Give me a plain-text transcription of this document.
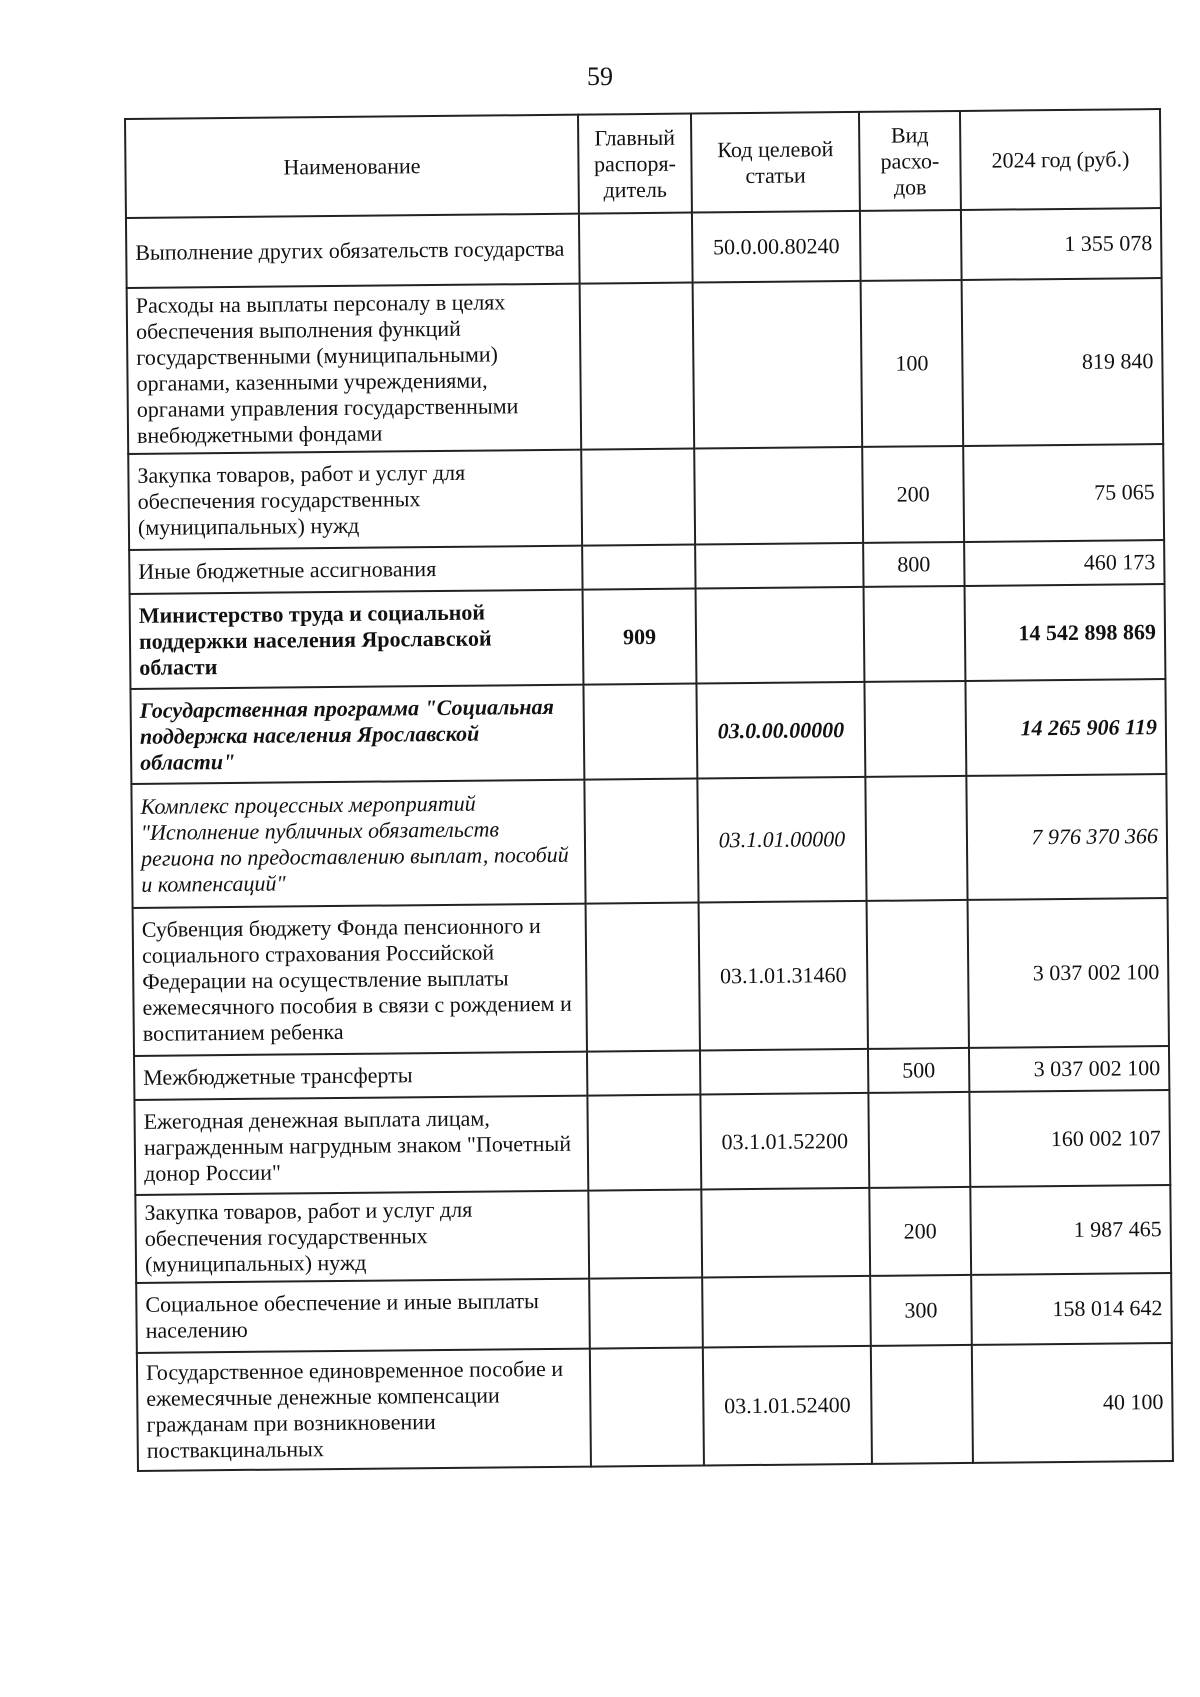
59
Наименование	Главный распоря-дитель	Код целевой статьи	Вид расхо-дов	2024 год (руб.)
Выполнение других обязательств государства		50.0.00.80240		1 355 078
Расходы на выплаты персоналу в целях обеспечения выполнения функций государственными (муниципальными) органами, казенными учреждениями, органами управления государственными внебюджетными фондами			100	819 840
Закупка товаров, работ и услуг для обеспечения государственных (муниципальных) нужд			200	75 065
Иные бюджетные ассигнования			800	460 173
Министерство труда и социальной поддержки населения Ярославской области	909			14 542 898 869
Государственная программа "Социальная поддержка населения Ярославской области"		03.0.00.00000		14 265 906 119
Комплекс процессных мероприятий "Исполнение публичных обязательств региона по предоставлению выплат, пособий и компенсаций"		03.1.01.00000		7 976 370 366
Субвенция бюджету Фонда пенсионного и социального страхования Российской Федерации на осуществление выплаты ежемесячного пособия в связи с рождением и воспитанием ребенка		03.1.01.31460		3 037 002 100
Межбюджетные трансферты			500	3 037 002 100
Ежегодная денежная выплата лицам, награжденным нагрудным знаком "Почетный донор России"		03.1.01.52200		160 002 107
Закупка товаров, работ и услуг для обеспечения государственных (муниципальных) нужд			200	1 987 465
Социальное обеспечение и иные выплаты населению			300	158 014 642
Государственное единовременное пособие и ежемесячные денежные компенсации гражданам при возникновении поствакцинальных		03.1.01.52400		40 100
